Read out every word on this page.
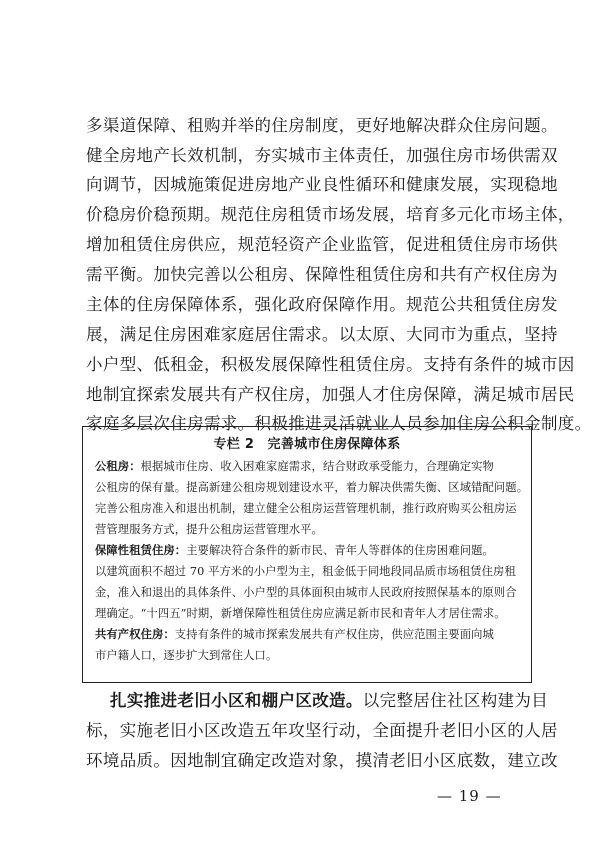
多渠道保障、租购并举的住房制度，更好地解决群众住房问题。
健全房地产长效机制，夯实城市主体责任，加强住房市场供需双
向调节，因城施策促进房地产业良性循环和健康发展，实现稳地
价稳房价稳预期。规范住房租赁市场发展，培育多元化市场主体，
增加租赁住房供应，规范轻资产企业监管，促进租赁住房市场供
需平衡。加快完善以公租房、保障性租赁住房和共有产权住房为
主体的住房保障体系，强化政府保障作用。规范公共租赁住房发
展，满足住房困难家庭居住需求。以太原、大同市为重点，坚持
小户型、低租金，积极发展保障性租赁住房。支持有条件的城市因
地制宜探索发展共有产权住房，加强人才住房保障，满足城市居民
家庭多层次住房需求。积极推进灵活就业人员参加住房公积金制度。
专栏 2　完善城市住房保障体系
公租房：根据城市住房、收入困难家庭需求，结合财政承受能力，合理确定实物
公租房的保有量。提高新建公租房规划建设水平，着力解决供需失衡、区域错配问题。
完善公租房准入和退出机制，建立健全公租房运营管理机制，推行政府购买公租房运
营管理服务方式，提升公租房运营管理水平。
保障性租赁住房：主要解决符合条件的新市民、青年人等群体的住房困难问题。
以建筑面积不超过 70 平方米的小户型为主，租金低于同地段同品质市场租赁住房租
金，准入和退出的具体条件、小户型的具体面积由城市人民政府按照保基本的原则合
理确定。“十四五”时期，新增保障性租赁住房应满足新市民和青年人才居住需求。
共有产权住房：支持有条件的城市探索发展共有产权住房，供应范围主要面向城
市户籍人口，逐步扩大到常住人口。
扎实推进老旧小区和棚户区改造。以完整居住社区构建为目
标，实施老旧小区改造五年攻坚行动，全面提升老旧小区的人居
环境品质。因地制宜确定改造对象，摸清老旧小区底数，建立改
— 19 —
